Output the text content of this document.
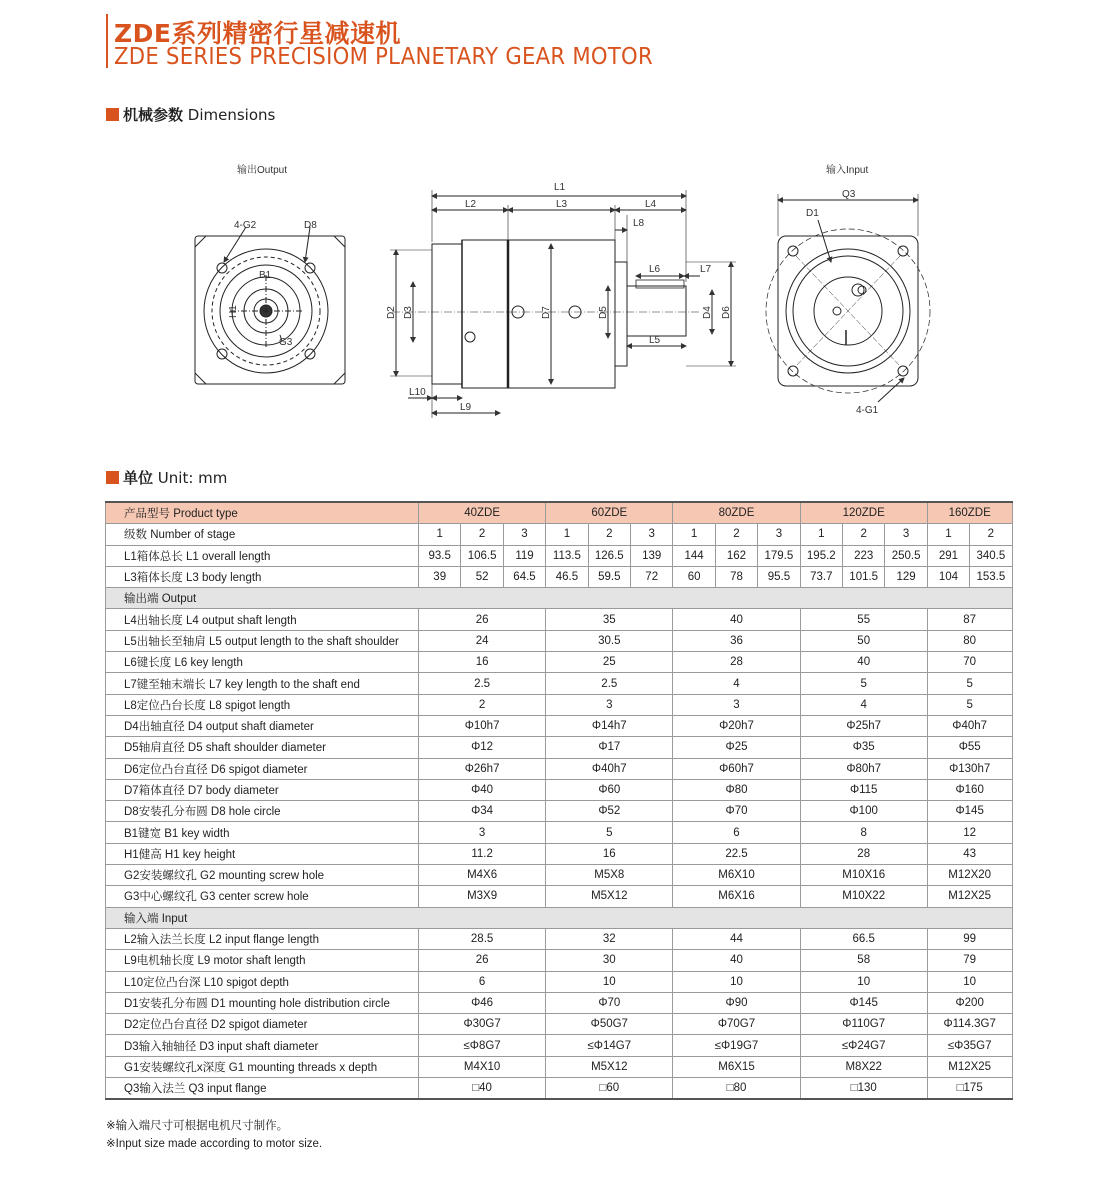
ZDE系列精密行星减速机
ZDE SERIES PRECISIOM PLANETARY GEAR MOTOR
机械参数 Dimensions
输出Output
4-G2	D8
B1
H1
G3
L1
L2	L3	L4
L8
D2 D3	D7	D5	D4 D6
L6	L7
L5
L10
L9
输入Input
Q3
D1
4-G1
单位 Unit: mm
产品型号 Product type	40ZDE			60ZDE			80ZDE			120ZDE			160ZDE	
级数 Number of stage	1	2	3	1	2	3	1	2	3	1	2	3	1	2
L1箱体总长 L1 overall length	93.5	106.5	119	113.5	126.5	139	144	162	179.5	195.2	223	250.5	291	340.5
L3箱体长度 L3 body length	39	52	64.5	46.5	59.5	72	60	78	95.5	73.7	101.5	129	104	153.5
输出端 Output														
L4出轴长度 L4 output shaft length	26			35			40			55			87	
L5出轴长至轴肩 L5 output length to the shaft shoulder	24			30.5			36			50			80	
L6键长度 L6 key length	16			25			28			40			70	
L7键至轴末端长 L7 key length to the shaft end	2.5			2.5			4			5			5	
L8定位凸台长度 L8 spigot length	2			3			3			4			5	
D4出轴直径 D4 output shaft diameter	Φ10h7			Φ14h7			Φ20h7			Φ25h7			Φ40h7	
D5轴肩直径 D5 shaft shoulder diameter	Φ12			Φ17			Φ25			Φ35			Φ55	
D6定位凸台直径 D6 spigot diameter	Φ26h7			Φ40h7			Φ60h7			Φ80h7			Φ130h7	
D7箱体直径 D7 body diameter	Φ40			Φ60			Φ80			Φ115			Φ160	
D8安装孔分布圆 D8 hole circle	Φ34			Φ52			Φ70			Φ100			Φ145	
B1键宽 B1 key width	3			5			6			8			12	
H1健高 H1 key height	11.2			16			22.5			28			43	
G2安装螺纹孔 G2 mounting screw hole	M4X6			M5X8			M6X10			M10X16			M12X20	
G3中心螺纹孔 G3 center screw hole	M3X9			M5X12			M6X16			M10X22			M12X25	
输入端 Input														
L2输入法兰长度 L2 input flange length	28.5			32			44			66.5			99	
L9电机轴长度 L9 motor shaft length	26			30			40			58			79	
L10定位凸台深 L10 spigot depth	6			10			10			10			10	
D1安装孔分布圆 D1 mounting hole distribution circle	Φ46			Φ70			Φ90			Φ145			Φ200	
D2定位凸台直径 D2 spigot diameter	Φ30G7			Φ50G7			Φ70G7			Φ110G7			Φ114.3G7	
D3输入轴轴径 D3 input shaft diameter	≤Φ8G7			≤Φ14G7			≤Φ19G7			≤Φ24G7			≤Φ35G7	
G1安装螺纹孔x深度 G1 mounting threads x depth	M4X10			M5X12			M6X15			M8X22			M12X25	
Q3输入法兰 Q3 input flange	□40			□60			□80			□130			□175	
※输入端尺寸可根据电机尺寸制作。
※Input size made according to motor size.
